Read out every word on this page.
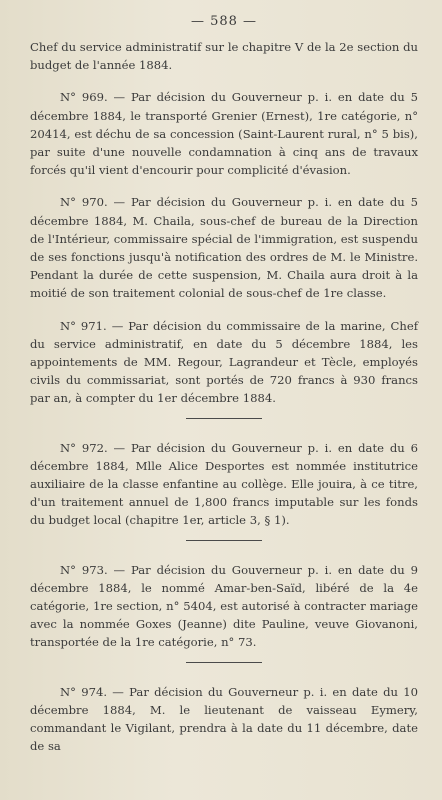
— 588 —

Chef du service administratif sur le chapitre V de la 2e section du budget de l'année 1884.

N° 969. — Par décision du Gouverneur p. i. en date du 5 décembre 1884, le transporté Grenier (Ernest), 1re catégorie, n° 20414, est déchu de sa concession (Saint-Laurent rural, n° 5 bis), par suite d'une nouvelle condamnation à cinq ans de travaux forcés qu'il vient d'encourir pour complicité d'évasion.

N° 970. — Par décision du Gouverneur p. i. en date du 5 décembre 1884, M. Chaila, sous-chef de bureau de la Direction de l'Intérieur, commissaire spécial de l'immigration, est suspendu de ses fonctions jusqu'à notification des ordres de M. le Ministre. Pendant la durée de cette suspension, M. Chaila aura droit à la moitié de son traitement colonial de sous-chef de 1re classe.

N° 971. — Par décision du commissaire de la marine, Chef du service administratif, en date du 5 décembre 1884, les appointements de MM. Regour, Lagrandeur et Tècle, employés civils du commissariat, sont portés de 720 francs à 930 francs par an, à compter du 1er décembre 1884.

N° 972. — Par décision du Gouverneur p. i. en date du 6 décembre 1884, Mlle Alice Desportes est nommée institutrice auxiliaire de la classe enfantine au collège. Elle jouira, à ce titre, d'un traitement annuel de 1,800 francs imputable sur les fonds du budget local (chapitre 1er, article 3, § 1).

N° 973. — Par décision du Gouverneur p. i. en date du 9 décembre 1884, le nommé Amar-ben-Saïd, libéré de la 4e catégorie, 1re section, n° 5404, est autorisé à contracter mariage avec la nommée Goxes (Jeanne) dite Pauline, veuve Giovanoni, transportée de la 1re catégorie, n° 73.

N° 974. — Par décision du Gouverneur p. i. en date du 10 décembre 1884, M. le lieutenant de vaisseau Eymery, commandant le Vigilant, prendra à la date du 11 décembre, date de sa
